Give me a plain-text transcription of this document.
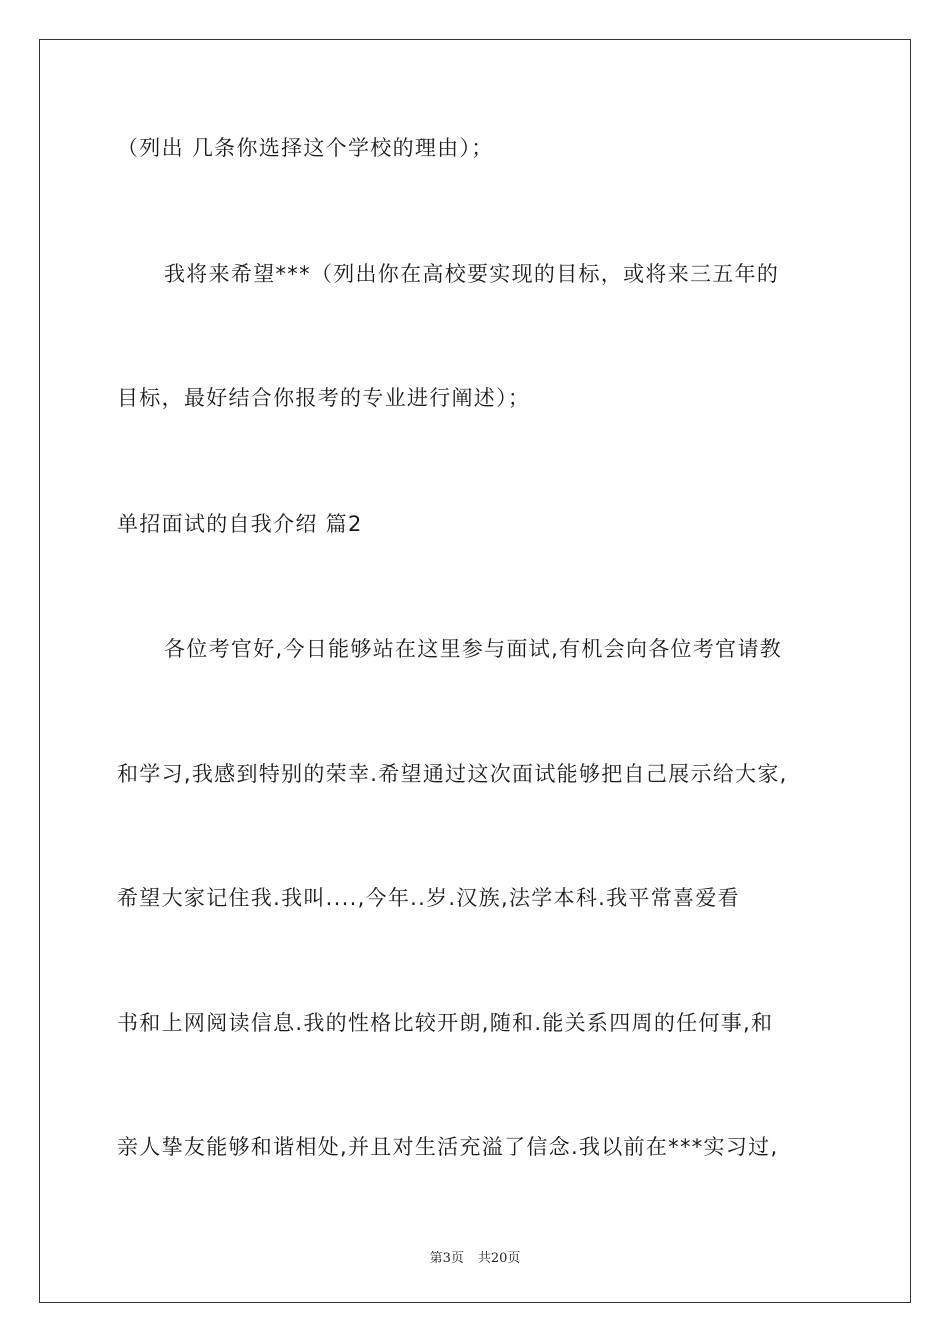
（列出 几条你选择这个学校的理由）；
我将来希望***（列出你在高校要实现的目标，或将来三五年的
目标，最好结合你报考的专业进行阐述）；
单招面试的自我介绍 篇2
各位考官好,今日能够站在这里参与面试,有机会向各位考官请教
和学习,我感到特别的荣幸.希望通过这次面试能够把自己展示给大家,
希望大家记住我.我叫....,今年..岁.汉族,法学本科.我平常喜爱看
书和上网阅读信息.我的性格比较开朗,随和.能关系四周的任何事,和
亲人挚友能够和谐相处,并且对生活充溢了信念.我以前在***实习过,
第3页 共20页
